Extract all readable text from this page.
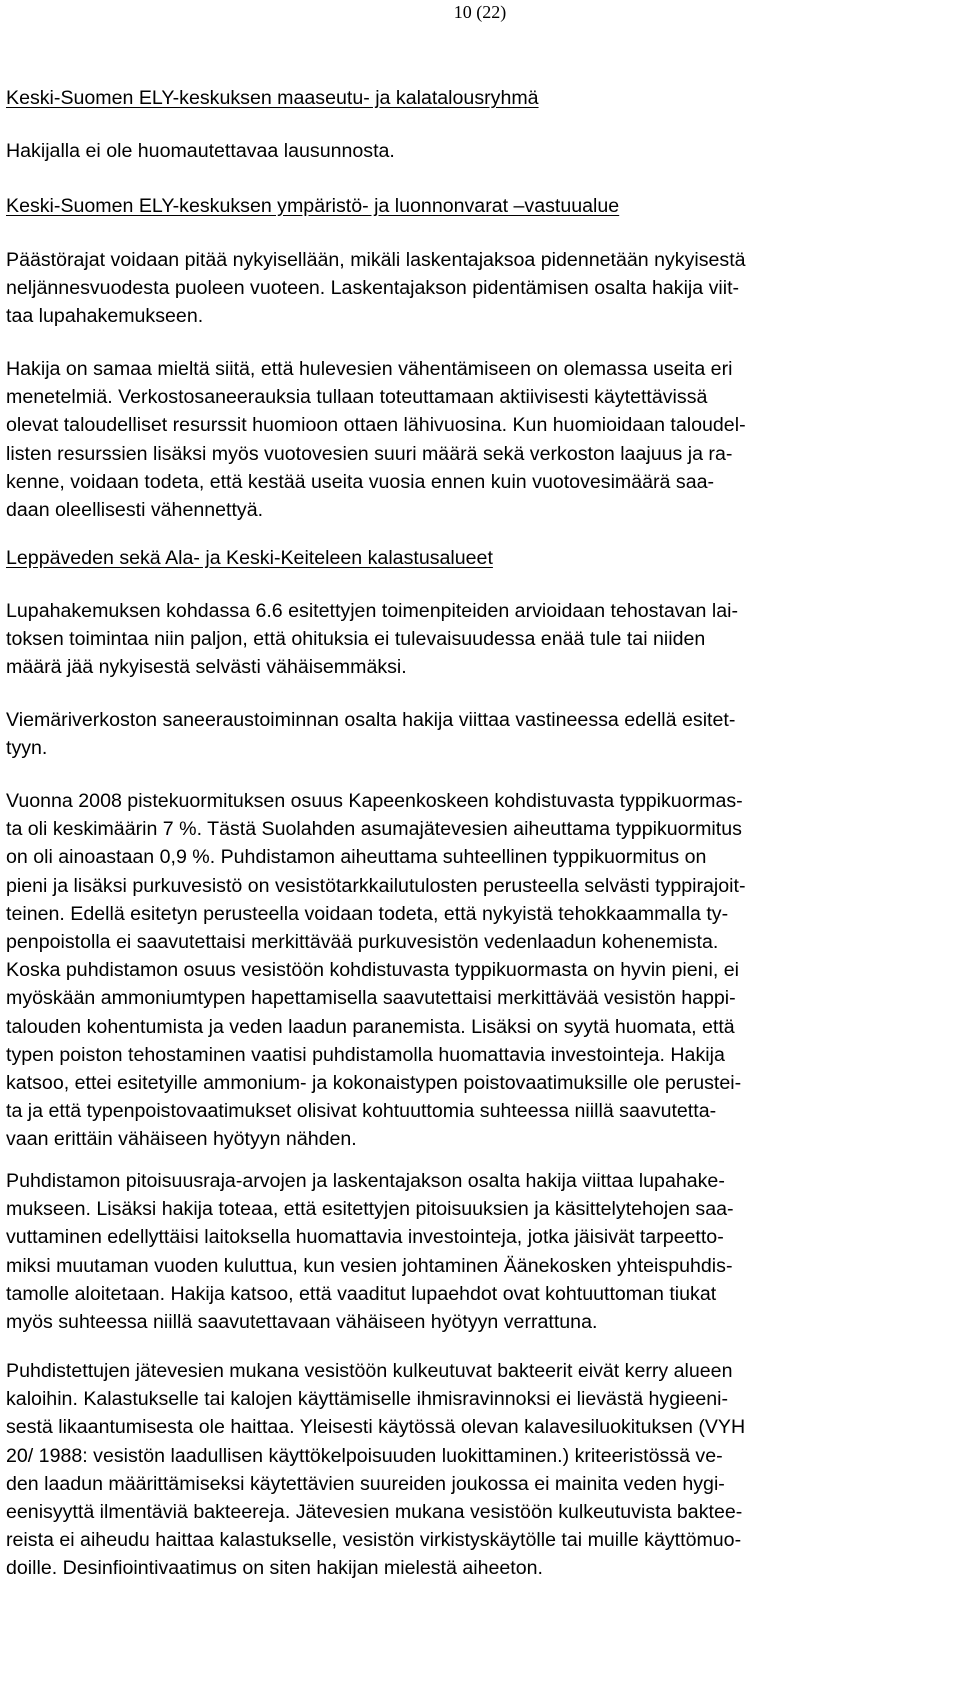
10 (22)
Keski-Suomen ELY-keskuksen maaseutu- ja kalatalousryhmä

Hakijalla ei ole huomautettavaa lausunnosta.

Keski-Suomen ELY-keskuksen ympäristö- ja luonnonvarat –vastuualue

Päästörajat voidaan pitää nykyisellään, mikäli laskentajaksoa pidennetään nykyisestä
neljännesvuodesta puoleen vuoteen. Laskentajakson pidentämisen osalta hakija viit-
taa lupahakemukseen.

Hakija on samaa mieltä siitä, että hulevesien vähentämiseen on olemassa useita eri
menetelmiä. Verkostosaneerauksia tullaan toteuttamaan aktiivisesti käytettävissä
olevat taloudelliset resurssit huomioon ottaen lähivuosina. Kun huomioidaan taloudel-
listen resurssien lisäksi myös vuotovesien suuri määrä sekä verkoston laajuus ja ra-
kenne, voidaan todeta, että kestää useita vuosia ennen kuin vuotovesimäärä saa-
daan oleellisesti vähennettyä.

Leppäveden sekä Ala- ja Keski-Keiteleen kalastusalueet

Lupahakemuksen kohdassa 6.6 esitettyjen toimenpiteiden arvioidaan tehostavan lai-
toksen toimintaa niin paljon, että ohituksia ei tulevaisuudessa enää tule tai niiden
määrä jää nykyisestä selvästi vähäisemmäksi.

Viemäriverkoston saneeraustoiminnan osalta hakija viittaa vastineessa edellä esitet-
tyyn.

Vuonna 2008 pistekuormituksen osuus Kapeenkoskeen kohdistuvasta typpikuormas-
ta oli keskimäärin 7 %. Tästä Suolahden asumajätevesien aiheuttama typpikuormitus
on oli ainoastaan 0,9 %. Puhdistamon aiheuttama suhteellinen typpikuormitus on
pieni ja lisäksi purkuvesistö on vesistötarkkailutulosten perusteella selvästi typpirajoit-
teinen. Edellä esitetyn perusteella voidaan todeta, että nykyistä tehokkaammalla ty-
penpoistolla ei saavutettaisi merkittävää purkuvesistön vedenlaadun kohenemista.
Koska puhdistamon osuus vesistöön kohdistuvasta typpikuormasta on hyvin pieni, ei
myöskään ammoniumtypen hapettamisella saavutettaisi merkittävää vesistön happi-
talouden kohentumista ja veden laadun paranemista. Lisäksi on syytä huomata, että
typen poiston tehostaminen vaatisi puhdistamolla huomattavia investointeja. Hakija
katsoo, ettei esitetyille ammonium- ja kokonaistypen poistovaatimuksille ole perustei-
ta ja että typenpoistovaatimukset olisivat kohtuuttomia suhteessa niillä saavutetta-
vaan erittäin vähäiseen hyötyyn nähden.

Puhdistamon pitoisuusraja-arvojen ja laskentajakson osalta hakija viittaa lupahake-
mukseen. Lisäksi hakija toteaa, että esitettyjen pitoisuuksien ja käsittelytehojen saa-
vuttaminen edellyttäisi laitoksella huomattavia investointeja, jotka jäisivät tarpeetto-
miksi muutaman vuoden kuluttua, kun vesien johtaminen Äänekosken yhteispuhdis-
tamolle aloitetaan. Hakija katsoo, että vaaditut lupaehdot ovat kohtuuttoman tiukat
myös suhteessa niillä saavutettavaan vähäiseen hyötyyn verrattuna.

Puhdistettujen jätevesien mukana vesistöön kulkeutuvat bakteerit eivät kerry alueen
kaloihin. Kalastukselle tai kalojen käyttämiselle ihmisravinnoksi ei lievästä hygieeni-
sestä likaantumisesta ole haittaa. Yleisesti käytössä olevan kalavesiluokituksen (VYH
20/ 1988: vesistön laadullisen käyttökelpoisuuden luokittaminen.) kriteeristössä ve-
den laadun määrittämiseksi käytettävien suureiden joukossa ei mainita veden hygi-
eenisyyttä ilmentäviä bakteereja. Jätevesien mukana vesistöön kulkeutuvista baktee-
reista ei aiheudu haittaa kalastukselle, vesistön virkistyskäytölle tai muille käyttömuo-
doille. Desinfiointivaatimus on siten hakijan mielestä aiheeton.
